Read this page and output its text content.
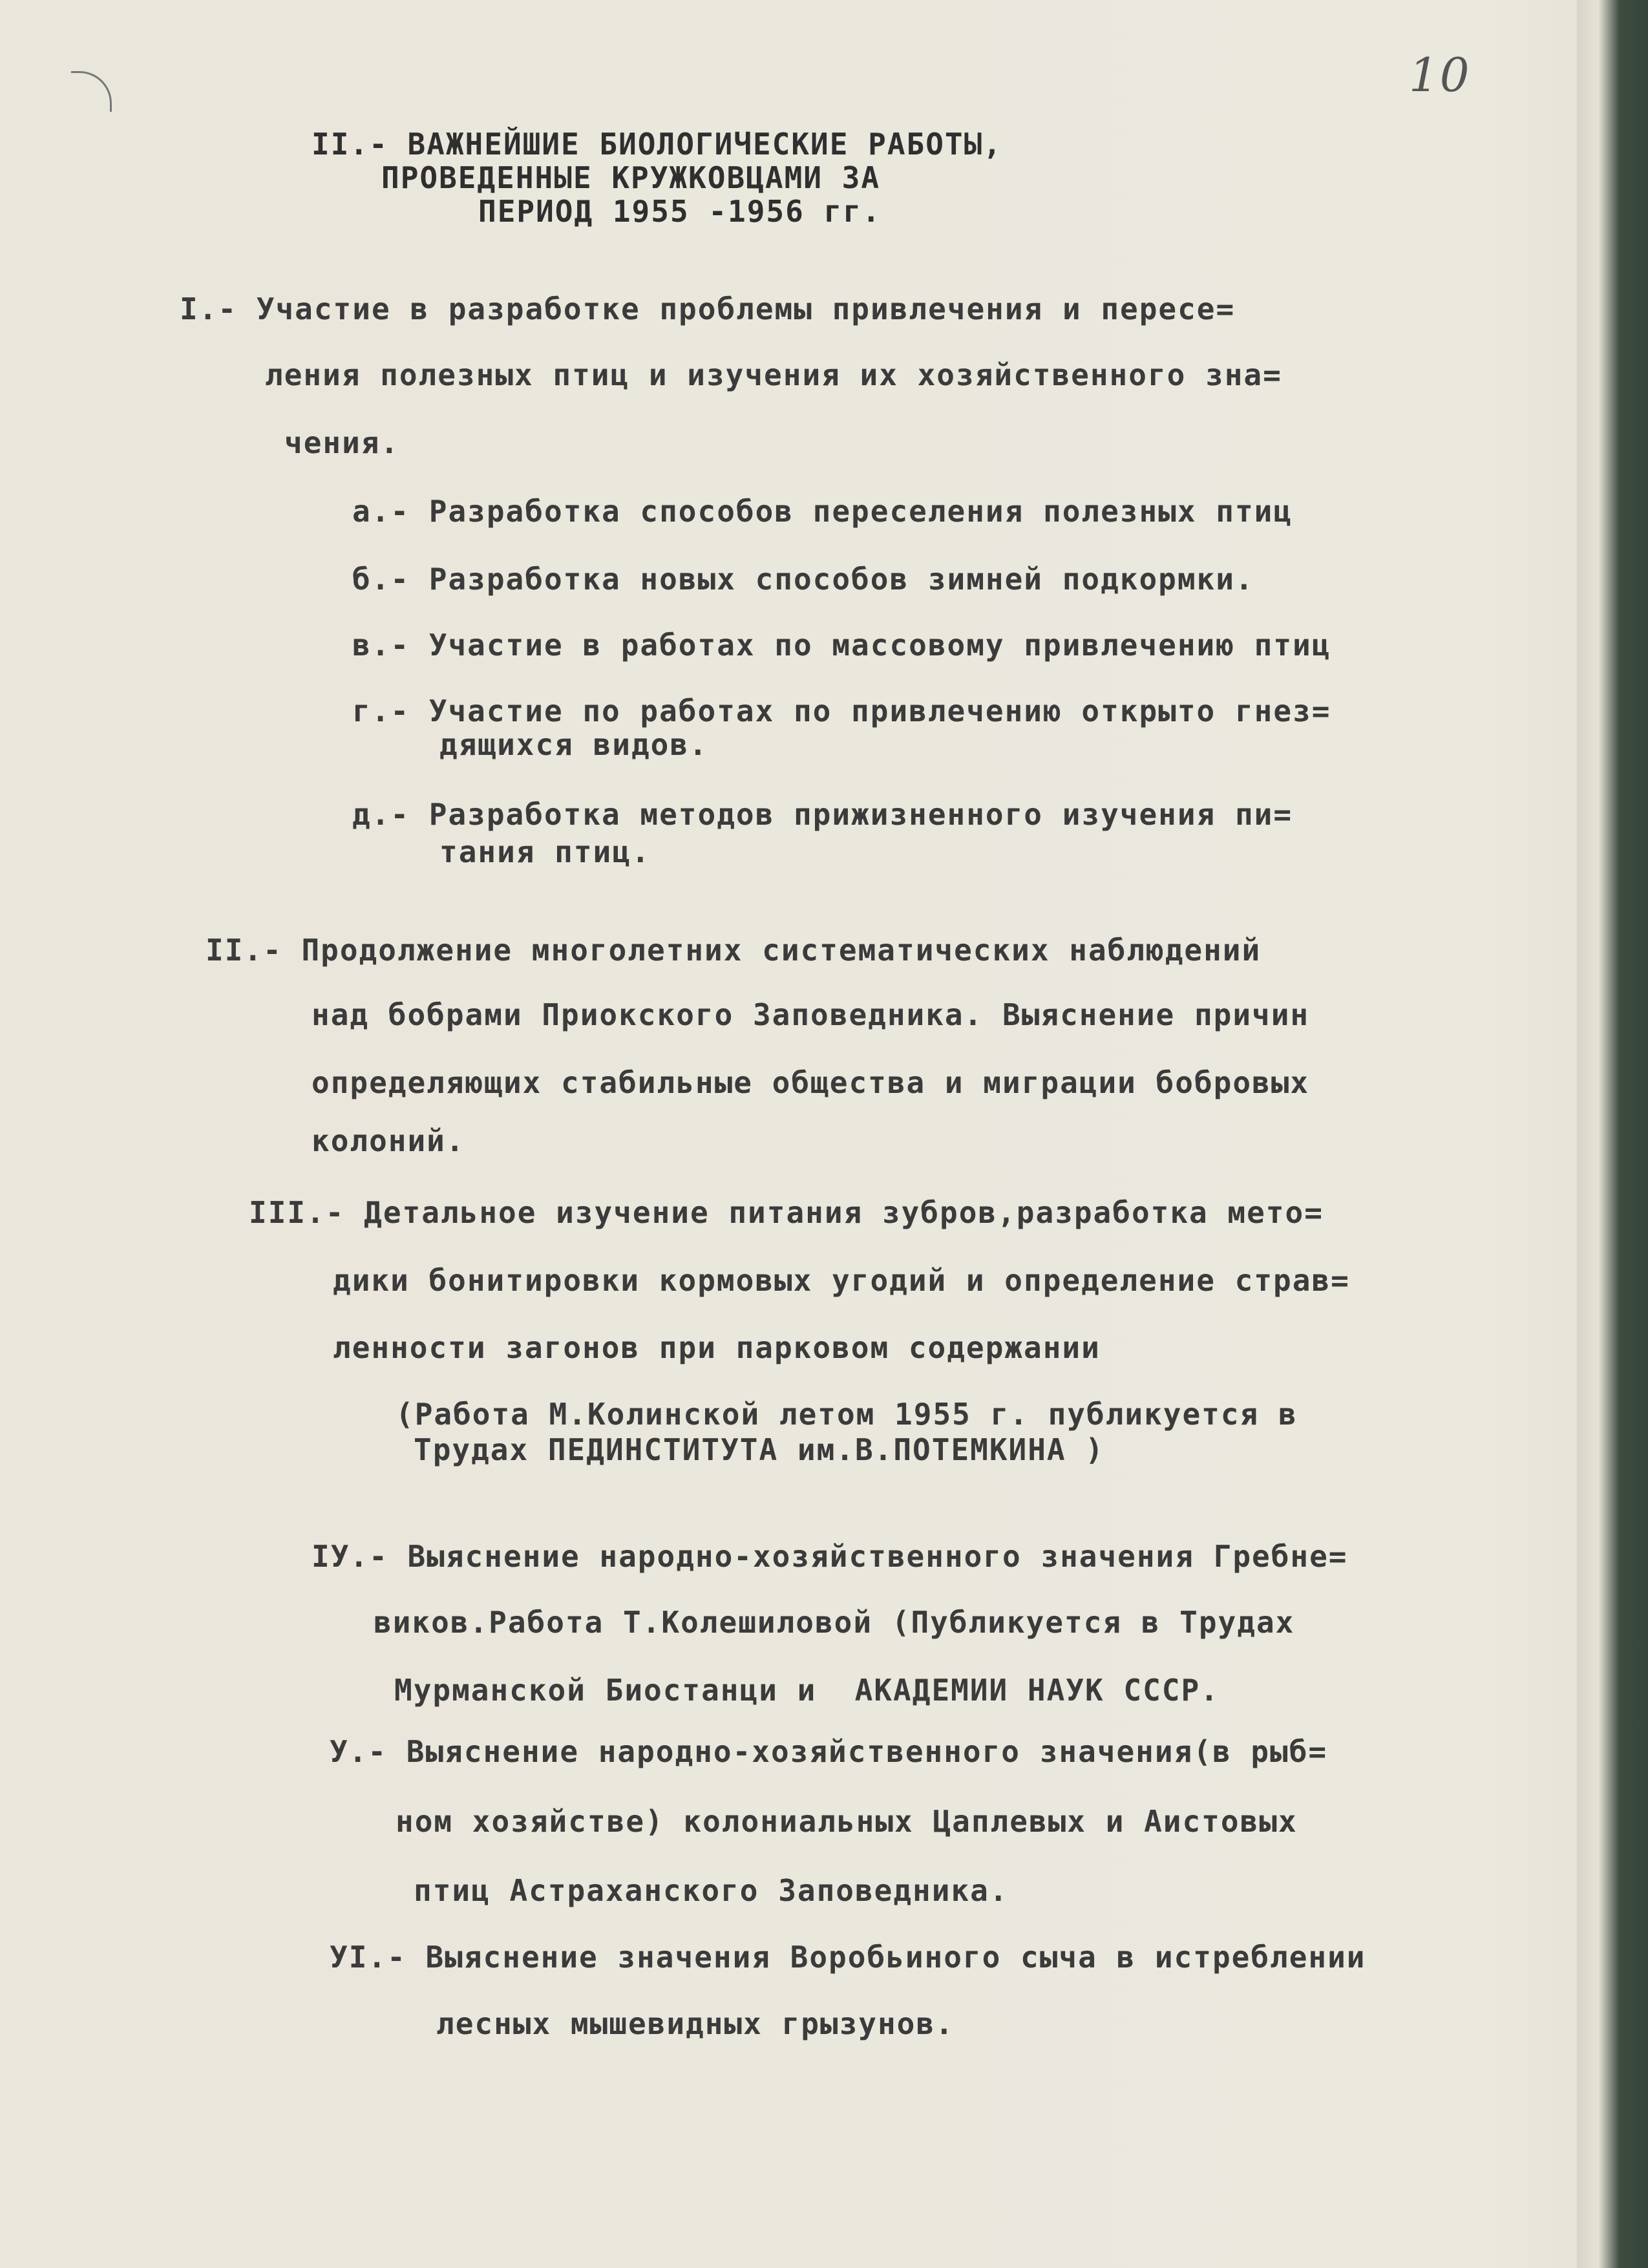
10

II.- ВАЖНЕЙШИЕ БИОЛОГИЧЕСКИЕ РАБОТЫ,

ПРОВЕДЕННЫЕ КРУЖКОВЦАМИ ЗА

ПЕРИОД 1955 -1956 гг.

I.- Участие в разработке проблемы привлечения и пересе=

ления полезных птиц и изучения их хозяйственного зна=

чения.

а.- Разработка способов переселения полезных птиц

б.- Разработка новых способов зимней подкормки.

в.- Участие в работах по массовому привлечению птиц

г.- Участие по работах по привлечению открыто гнез=

дящихся видов.

д.- Разработка методов прижизненного изучения пи=

тания птиц.

II.- Продолжение многолетних систематических наблюдений

над бобрами Приокского Заповедника. Выяснение причин

определяющих стабильные общества и миграции бобровых

колоний.

III.- Детальное изучение питания зубров,разработка мето=

дики бонитировки кормовых угодий и определение страв=

ленности загонов при парковом содержании

(Работа М.Колинской летом 1955 г. публикуется в

Трудах ПЕДИНСТИТУТА им.В.ПОТЕМКИНА )

IУ.- Выяснение народно-хозяйственного значения Гребне=

виков.Работа Т.Колешиловой (Публикуется в Трудах

Мурманской Биостанци и  АКАДЕМИИ НАУК СССР.

У.- Выяснение народно-хозяйственного значения(в рыб=

ном хозяйстве) колониальных Цаплевых и Аистовых

птиц Астраханского Заповедника.

УI.- Выяснение значения Воробьиного сыча в истреблении

лесных мышевидных грызунов.
